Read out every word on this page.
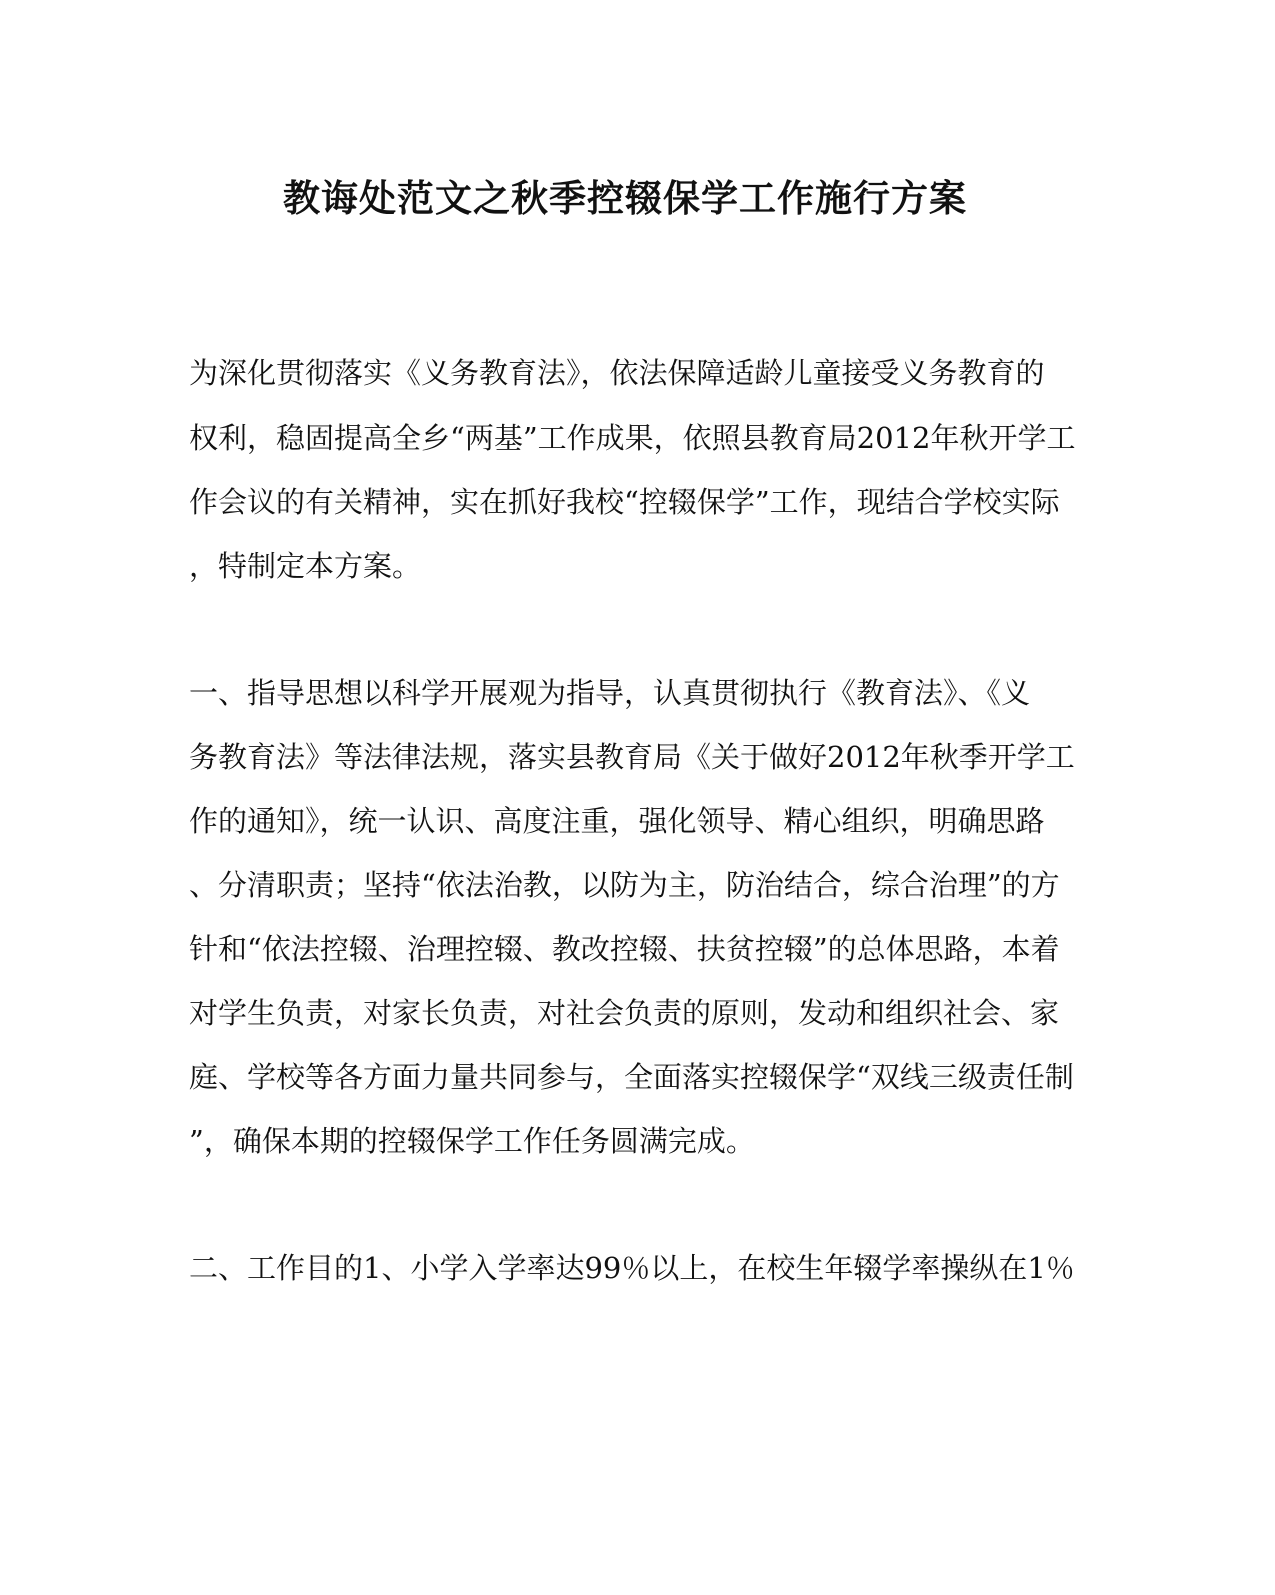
教诲处范文之秋季控辍保学工作施行方案

为深化贯彻落实《义务教育法》，依法保障适龄儿童接受义务教育的

权利，稳固提高全乡“两基”工作成果，依照县教育局2012年秋开学工

作会议的有关精神，实在抓好我校“控辍保学”工作，现结合学校实际

，特制定本方案。

一、指导思想以科学开展观为指导，认真贯彻执行《教育法》、《义

务教育法》等法律法规，落实县教育局《关于做好2012年秋季开学工

作的通知》，统一认识、高度注重，强化领导、精心组织，明确思路

、分清职责；坚持“依法治教，以防为主，防治结合，综合治理”的方

针和“依法控辍、治理控辍、教改控辍、扶贫控辍”的总体思路，本着

对学生负责，对家长负责，对社会负责的原则，发动和组织社会、家

庭、学校等各方面力量共同参与，全面落实控辍保学“双线三级责任制

”，确保本期的控辍保学工作任务圆满完成。

二、工作目的1、小学入学率达99％以上，在校生年辍学率操纵在1％
